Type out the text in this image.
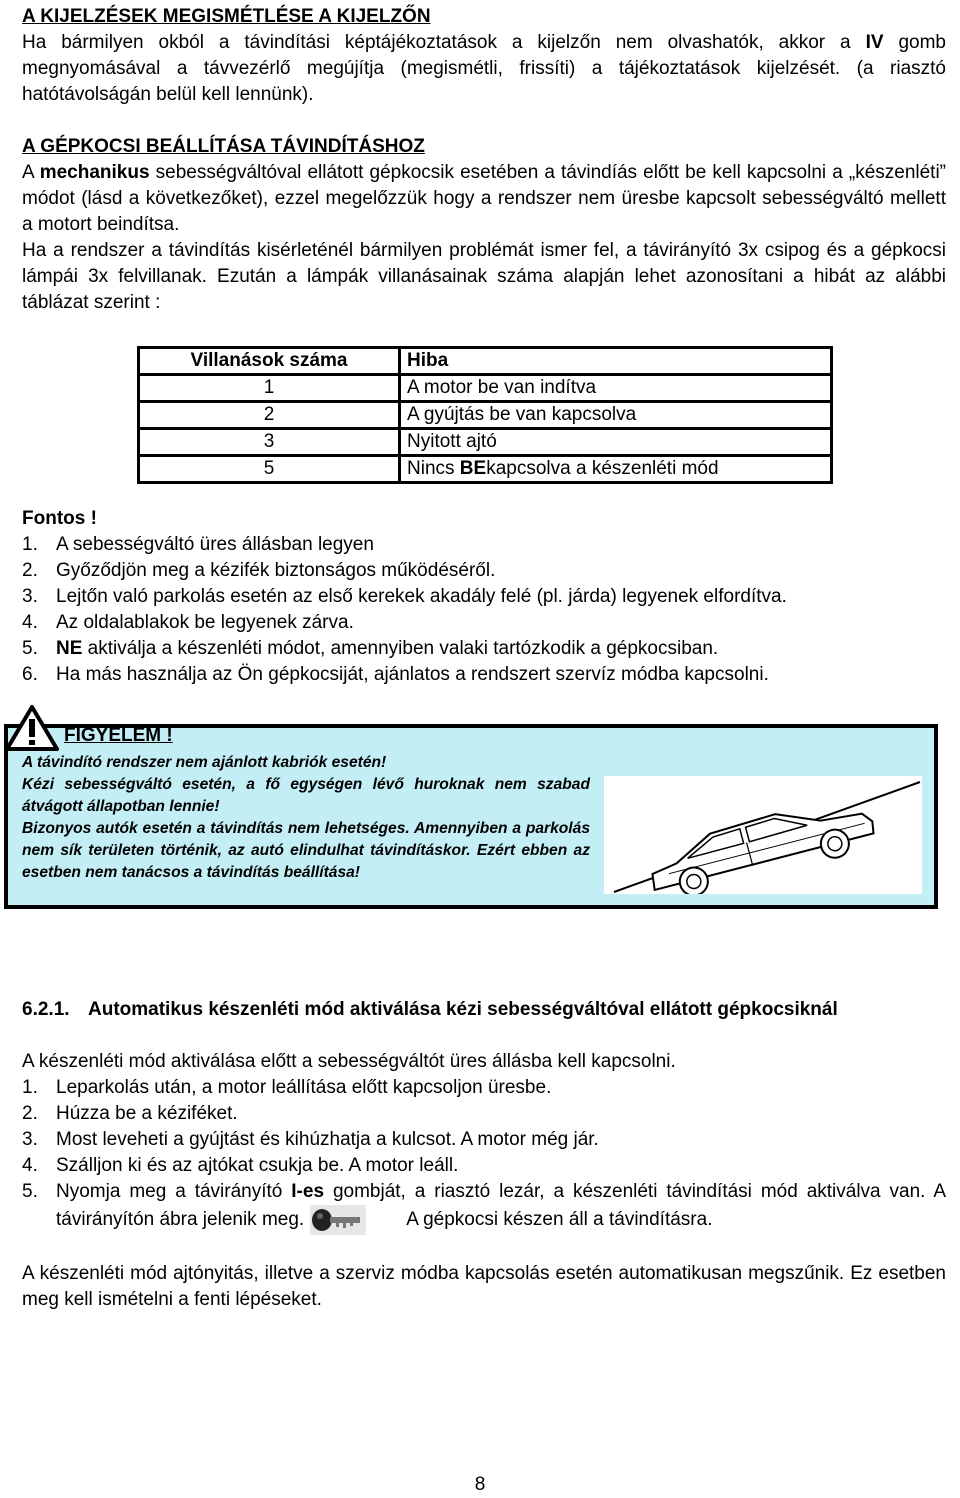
A KIJELZÉSEK MEGISMÉTLÉSE A KIJELZŐN

Ha bármilyen okból a távindítási képtájékoztatások a kijelzőn nem olvashatók, akkor a IV gomb megnyomásával a távvezérlő megújítja (megismétli, frissíti) a tájékoztatások kijelzését. (a riasztó hatótávolságán belül kell lennünk).

A GÉPKOCSI BEÁLLÍTÁSA TÁVINDÍTÁSHOZ

A mechanikus sebességváltóval ellátott gépkocsik esetében a távindíás előtt be kell kapcsolni a „készenléti” módot (lásd a következőket), ezzel megelőzzük hogy a rendszer nem üresbe kapcsolt sebességváltó mellett a motort beindítsa.

Ha a rendszer a távindítás kisérleténél bármilyen problémát ismer fel, a távirányító 3x csipog és a gépkocsi lámpái 3x felvillanak. Ezután a lámpák villanásainak száma alapján lehet azonosítani a hibát az alábbi táblázat szerint :

Villanások száma	Hiba
1	A motor be van indítva
2	A gyújtás be van kapcsolva
3	Nyitott ajtó
5	Nincs BEkapcsolva a készenléti mód
Fontos !
1. A sebességváltó üres állásban legyen
2. Győződjön meg a kézifék biztonságos működéséről.
3. Lejtőn való parkolás esetén az első kerekek akadály felé (pl. járda) legyenek elfordítva.
4. Az oldalablakok be legyenek zárva.
5. NE aktiválja a készenléti módot, amennyiben valaki tartózkodik a gépkocsiban.
6. Ha más használja az Ön gépkocsiját, ajánlatos a rendszert szervíz módba kapcsolni.
FIGYELEM !
A távindító rendszer nem ajánlott kabriók esetén!
Kézi sebességváltó esetén, a fő egységen lévő huroknak nem szabad átvágott állapotban lennie!
Bizonyos autók esetén a távindítás nem lehetséges. Amennyiben a parkolás nem sík területen történik, az autó elindulhat távindításkor. Ezért ebben az esetben nem tanácsos a távindítás beállítása!
6.2.1. Automatikus készenléti mód aktiválása kézi sebességváltóval ellátott gépkocsiknál

A készenléti mód aktiválása előtt a sebességváltót üres állásba kell kapcsolni.

1. Leparkolás után, a motor leállítása előtt kapcsoljon üresbe.
2. Húzza be a kéziféket.
3. Most leveheti a gyújtást és kihúzhatja a kulcsot. A motor még jár.
4. Szálljon ki és az ajtókat csukja be. A motor leáll.
5. Nyomja meg a távirányító I-es gombját, a riasztó lezár, a készenléti távindítási mód aktiválva van. A távirányítón ábra jelenik meg.	A gépkocsi készen áll a távindításra.

A készenléti mód ajtónyitás, illetve a szerviz módba kapcsolás esetén automatikusan megszűnik. Ez esetben meg kell ismételni a fenti lépéseket.

8
